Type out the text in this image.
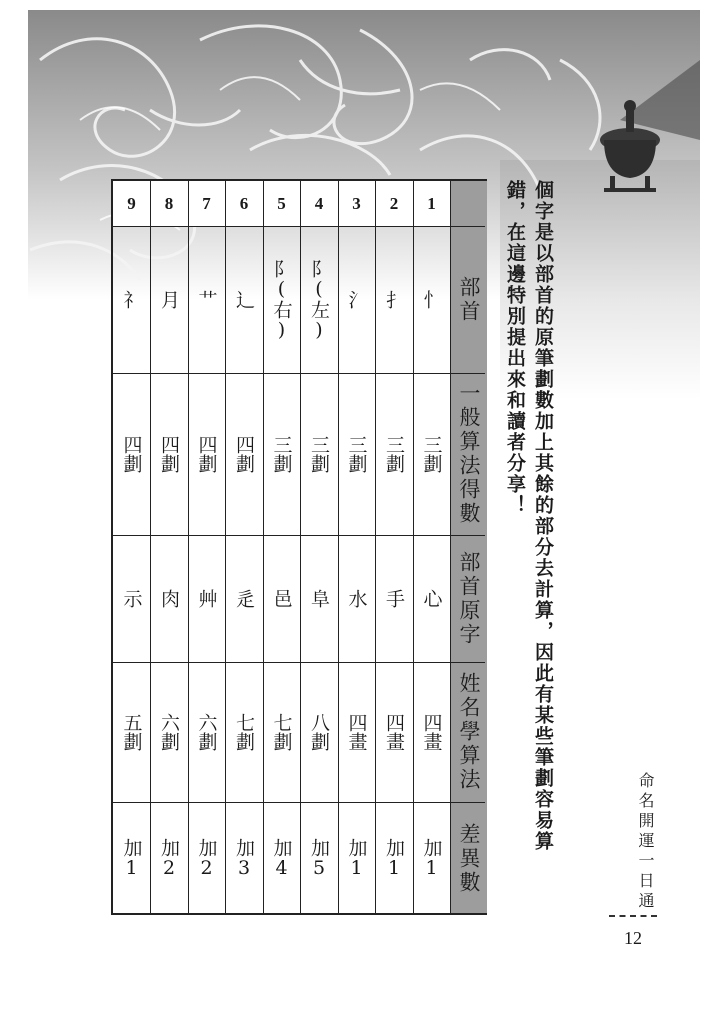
個字是以部首的原筆劃數加上其餘的部分去計算，因此有某些筆劃容易算
錯，在這邊特別提出來和讀者分享！
部首
一般算法得數
部首原字
姓名學算法
差異數
1
忄
三劃
心
四畫
加1
2
扌
三劃
手
四畫
加1
3
氵
三劃
水
四畫
加1
4
阝(左)
三劃
阜
八劃
加5
5
阝(右)
三劃
邑
七劃
加4
6
辶
四劃
辵
七劃
加3
7
艹
四劃
艸
六劃
加2
8
月
四劃
肉
六劃
加2
9
礻
四劃
示
五劃
加1	命名開運一日通
12
